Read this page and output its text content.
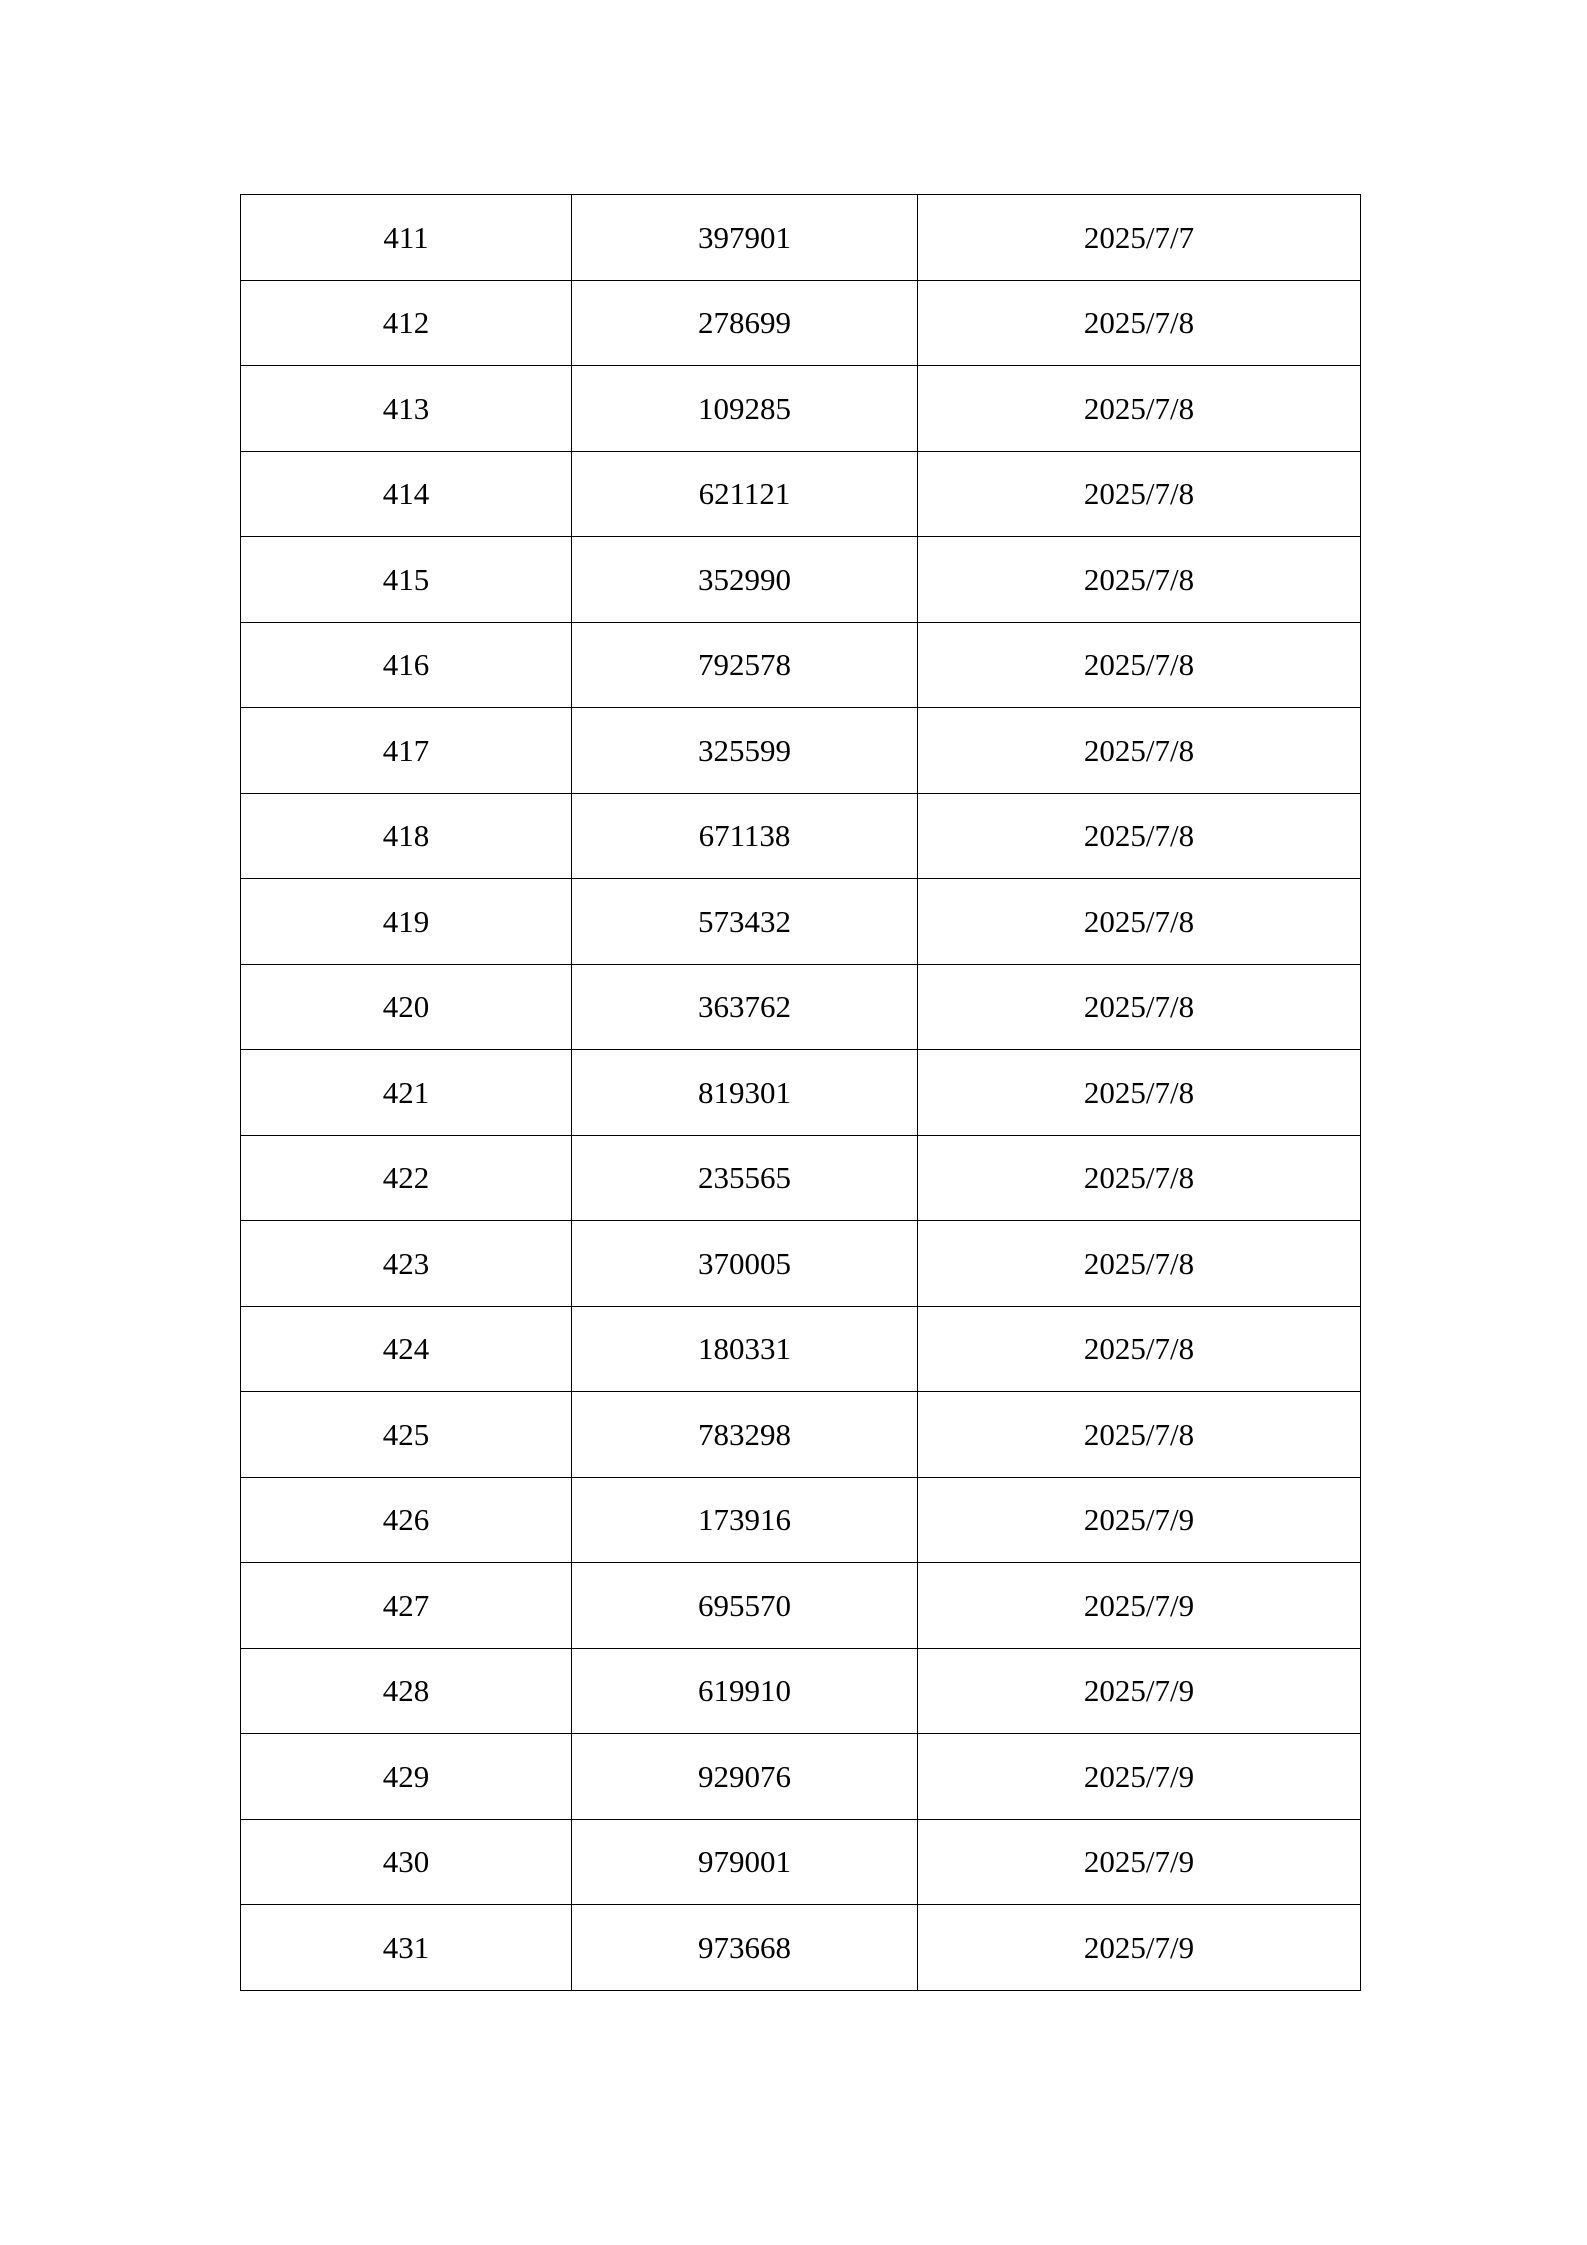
411	397901	2025/7/7
412	278699	2025/7/8
413	109285	2025/7/8
414	621121	2025/7/8
415	352990	2025/7/8
416	792578	2025/7/8
417	325599	2025/7/8
418	671138	2025/7/8
419	573432	2025/7/8
420	363762	2025/7/8
421	819301	2025/7/8
422	235565	2025/7/8
423	370005	2025/7/8
424	180331	2025/7/8
425	783298	2025/7/8
426	173916	2025/7/9
427	695570	2025/7/9
428	619910	2025/7/9
429	929076	2025/7/9
430	979001	2025/7/9
431	973668	2025/7/9
